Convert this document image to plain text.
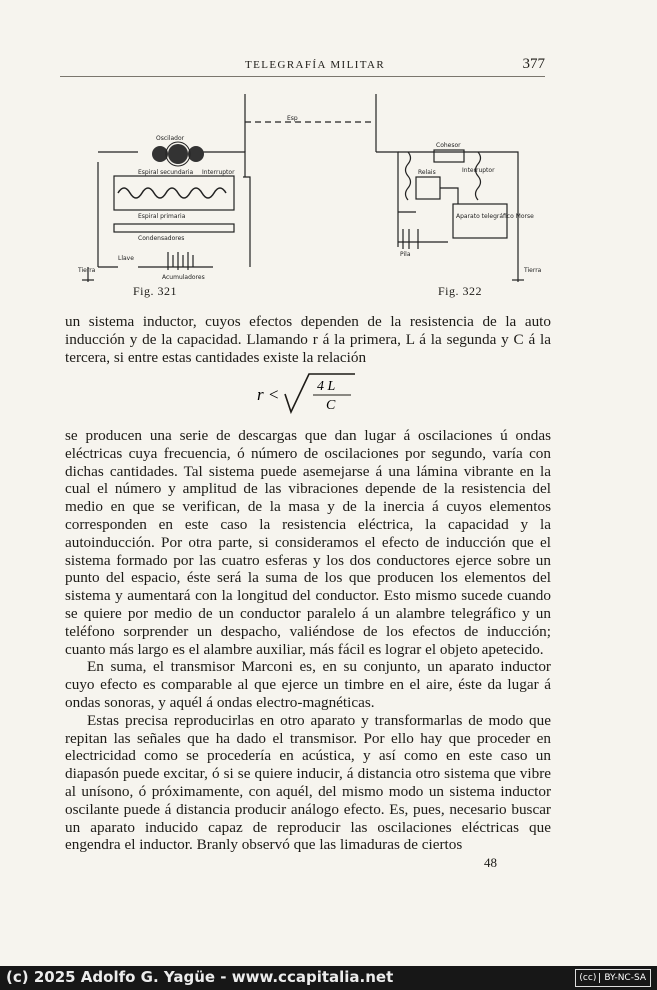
TELEGRAFÍA MILITAR	377
Esp
Oscilador
Espiral secundaria Interruptor
Espiral primaria
Condensadores
Acumuladores
Tierra
Llave
Cohesor
Relais
Pila
Aparato telegráfico Morse
Interruptor
Tierra
Fig. 321	Fig. 322

un sistema inductor, cuyos efectos dependen de la resistencia de la auto inducción y de la capacidad. Llamando r á la primera, L á la segunda y C á la tercera, si entre estas cantidades existe la relación

r <	4 L
C

se producen una serie de descargas que dan lugar á oscilaciones ú ondas eléctricas cuya frecuencia, ó número de oscilaciones por segundo, varía con dichas cantidades. Tal sistema puede asemejarse á una lámina vibrante en la cual el número y amplitud de las vibraciones depende de la resistencia del medio en que se verifican, de la masa y de la inercia á cuyos elementos corresponden en este caso la resistencia eléctrica, la capacidad y la autoinducción. Por otra parte, si consideramos el efecto de inducción que el sistema formado por las cuatro esferas y los dos conductores ejerce sobre un punto del espacio, éste será la suma de los que producen los elementos del sistema y aumentará con la longitud del conductor. Esto mismo sucede cuando se quiere por medio de un conductor paralelo á un alambre telegráfico y un teléfono sorprender un despacho, valiéndose de los efectos de inducción; cuanto más largo es el alambre auxiliar, más fácil es lograr el objeto apetecido.

En suma, el transmisor Marconi es, en su conjunto, un aparato inductor cuyo efecto es comparable al que ejerce un timbre en el aire, éste da lugar á ondas sonoras, y aquél á ondas electro-magnéticas.

Estas precisa reproducirlas en otro aparato y transformarlas de modo que repitan las señales que ha dado el transmisor. Por ello hay que proceder en electricidad como se procedería en acústica, y así como en este caso un diapasón puede excitar, ó si se quiere inducir, á distancia otro sistema que vibre al unísono, ó próximamente, con aquél, del mismo modo un sistema inductor oscilante puede á distancia producir análogo efecto. Es, pues, necesario buscar un aparato inducido capaz de reproducir las oscilaciones eléctricas que engendra el inductor. Branly observó que las limaduras de ciertos

48
(c) 2025 Adolfo G. Yagüe - www.ccapitalia.net	(cc) BY-NC-SA
